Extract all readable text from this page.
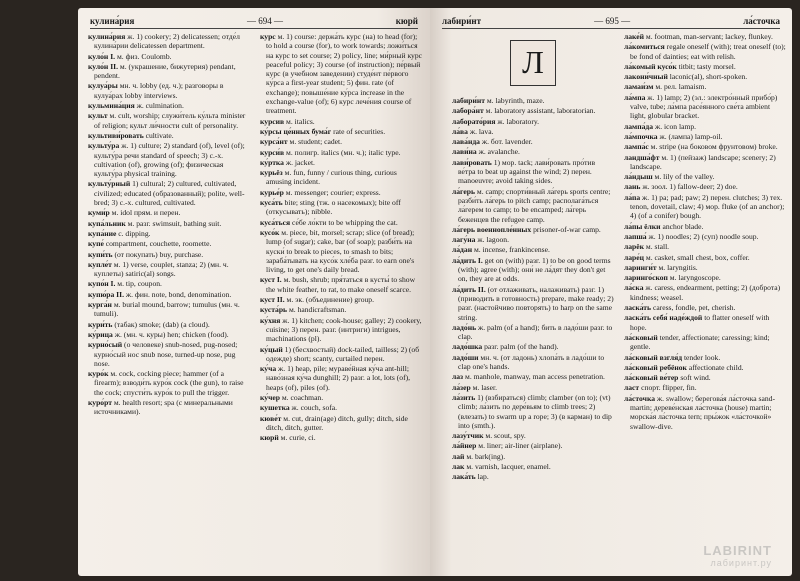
кулина́рия	— 694 —	кюрй
кулина́рия ж. 1) cookery; 2) delicatessen; отде́л кулина́рии delicatessen department.
куло́н I. м. физ. Coulomb.
куло́н II. м. (украшение, бижутерия) pendant, pendent.
кулуа́ры мн. ч. lobby (ед. ч.); разговоры в кулуа́рах lobby interviews.
кульмина́ция ж. culmination.
культ м. cult, worship; служи́тель ку́льта minister of religion; культ ли́чности cult of personality.
культиви́ровать cultivate.
культу́ра ж. 1) culture; 2) standard (of), level (of); культу́ра речи standard of speech; 3) с.-х. cultivation (of), growing (of); физическая культу́ра physical training.
культу́рный 1) cultural; 2) cultured, cultivated, civilized; educated (образованный); polite, well-bred; 3) с.-х. cultured, cultivated.
куми́р м. idol прям. и перен.
купа́льник м. разг. swimsuit, bathing suit.
купа́ние с. dipping.
купе́ compartment, couchette, roomette.
купи́ть (от покупать) buy, purchase.
купле́т м. 1) verse, couplet, stanza; 2) (мн. ч. куплеты) satiric(al) songs.
купо́н I. м. tip, coupon.
купю́ра II. ж. фин. note, bond, denomination.
курга́н м. burial mound, barrow; tumulus (мн. ч. tumuli).
кури́ть (табак) smoke; (dab) (a cloud).
ку́рица ж. (мн. ч. куры) hen; chicken (food).
курно́сый (о человеке) snub-nosed, pug-nosed; курно́сый нос snub nose, turned-up nose, pug nose.
куро́к м. cock, cocking piece; hammer (of a firearm); взводи́ть куро́к cock (the gun), to raise the cock; спусти́ть куро́к to pull the trigger.
куро́рт м. health resort; spa (с минеральными источниками).
курс м. 1) course: держа́ть курс (на) to head (for); to hold a course (for), to work towards; ложи́ться на курс to set course; 2) policy, line; ми́рный курс peaceful policy; 3) course (of instruction); пе́рвый курс (в учебном заведении) студе́нт пе́рвого ку́рса a first-year student; 5) фин. rate (of exchange); повыше́ние ку́рса increase in the exchange-value (of); 6) курс лече́ния course of treatment.
курсив м. italics.
ку́рсы це́нных бума́г rate of securities.
курса́нт м. student; cadet.
курси́в м. полигр. italics (мн. ч.); italic type.
ку́ртка ж. jacket.
курьёз м. fun, funny / curious thing, curious amusing incident.
курье́р м. messenger; courier; express.
куса́ть bite; sting (тж. о насекомых); bite off (откусывать); nibble.
куса́ться се́бе ло́кти to be whipping the cat.
кусо́к м. piece, bit, morsel; scrap; slice (of bread); lump (of sugar); cake, bar (of soap); разби́ть на куски́ to break to pieces, to smash to bits; зараба́тывать на кусо́к хле́ба разг. to earn one's living, to get one's daily bread.
куст I. м. bush, shrub; пря́таться в кусты́ to show the white feather, to rat, to make oneself scarce.
куст II. м. эк. (объединение) group.
куста́рь м. handicraftsman.
ку́хня ж. 1) kitchen; cook-house; galley; 2) cookery, cuisine; 3) перен. разг. (интриги) intrigues, machinations (pl).
ку́цый 1) (бесхвостый) dock-tailed, tailless; 2) (об одежде) short; scanty, curtailed перен.
ку́ча ж. 1) heap, pile; мураве́йная ку́ча ant-hill; наво́зная ку́ча dunghill; 2) разг. a lot, lots (of), heaps (of), piles (of).
ку́чер м. coachman.
кушетка ж. couch, sofa.
кюве́т м. cut, drain(age) ditch, gully; ditch, side ditch, ditch, gutter.
кюрй м. curie, ci.
лабири́нт	— 695 —	ла́сточка
Л
лабири́нт м. labyrinth, maze.
лабора́нт м. laboratory assistant, laboratorian.
лаборато́рия ж. laboratory.
ла́ва ж. lava.
лава́нда ж. бот. lavender.
лави́на ж. avalanche.
лави́ровать 1) мор. tack; лави́ровать про́тив ве́тра to beat up against the wind; 2) перен. manoeuvre; avoid taking sides.
ла́герь м. camp; спорти́вный ла́герь sports centre; разби́ть ла́герь to pitch camp; располага́ться ла́герем to camp; to be encamped; ла́герь беженцев the refugee camp.
ла́герь военнопле́нных prisoner-of-war camp.
лагу́на ж. lagoon.
ла́дан м. incense, frankincense.
ла́дить I. get on (with) разг. 1) to be on good terms (with); agree (with); они́ не ла́дят they don't get on, they are at odds.
ла́дить II. (от отлаживать, налаживать) разг. 1) (приводить в готовность) prepare, make ready; 2) разг. (настойчиво повторять) to harp on the same string.
ладо́нь ж. palm (of a hand); бить в ладо́ши разг. to clap.
ладо́шка разг. palm (of the hand).
ладо́ши мн. ч. (от ладонь) хлопа́ть в ладо́ши to clap one's hands.
лаз м. manhole, manway, man access penetration.
ла́зер м. laser.
ла́зить 1) (взбираться) climb; clamber (on to); (vt) climb; ла́зить по дере́вьям to climb trees; 2) (влезать) to swarm up a rope; 3) (в карман) to dip into (smth.).
лазу́тчик м. scout, spy.
ла́йнер м. liner; air-liner (airplane).
лай м. bark(ing).
лак м. varnish, lacquer, enamel.
лака́ть lap.
лаке́й м. footman, man-servant; lackey, flunkey.
ла́комиться regale oneself (with); treat oneself (to); be fond of dainties; eat with relish.
ла́комый кусо́к titbit; tasty morsel.
лакони́чный laconic(al), short-spoken.
ламаи́зм м. рел. lamaism.
ла́мпа ж. 1) lamp; 2) (эл.: электро́нный прибо́р) valve, tube; ла́мпа расе́янного све́та ambient light, globular bracket.
лампа́да ж. icon lamp.
ла́мпочка ж. (лампа) lamp-oil.
лампа́с м. stripe (на боковом фрунтовом) broke.
ландша́фт м. 1) (пейзаж) landscape; scenery; 2) landscape.
ла́ндыш м. lily of the valley.
лань ж. зоол. 1) fallow-deer; 2) doe.
ла́па ж. 1) pa; pad; paw; 2) перен. clutches; 3) тех. tenon, dovetail, claw; 4) мор. fluke (of an anchor); 4) (of a conifer) bough.
ла́пы ёлки anchor blade.
лапша́ ж. 1) noodles; 2) (суп) noodle soup.
ларёк м. stall.
ларе́ц м. casket, small chest, box, coffer.
ларинги́т м. laryngitis.
ларинго́скоп м. laryngoscope.
ла́ска ж. caress, endearment, petting; 2) (доброта) kindness; weasel.
ласка́ть caress, fondle, pet, cherish.
ласка́ть себя́ наде́ждой to flatter oneself with hope.
ла́сковый tender, affectionate; caressing; kind; gentle.
ла́сковый взгля́д tender look.
ла́сковый ребёнок affectionate child.
ла́сковый ве́тер soft wind.
ласт спорт. flipper, fin.
ла́сточка ж. swallow; берегова́я ла́сточка sand-martin; дереве́нская ла́сточка (house) martin; морска́я ла́сточка tern; пры́жок «ла́сточкой» swallow-dive.
LABIRINT
лабиринт.ру
